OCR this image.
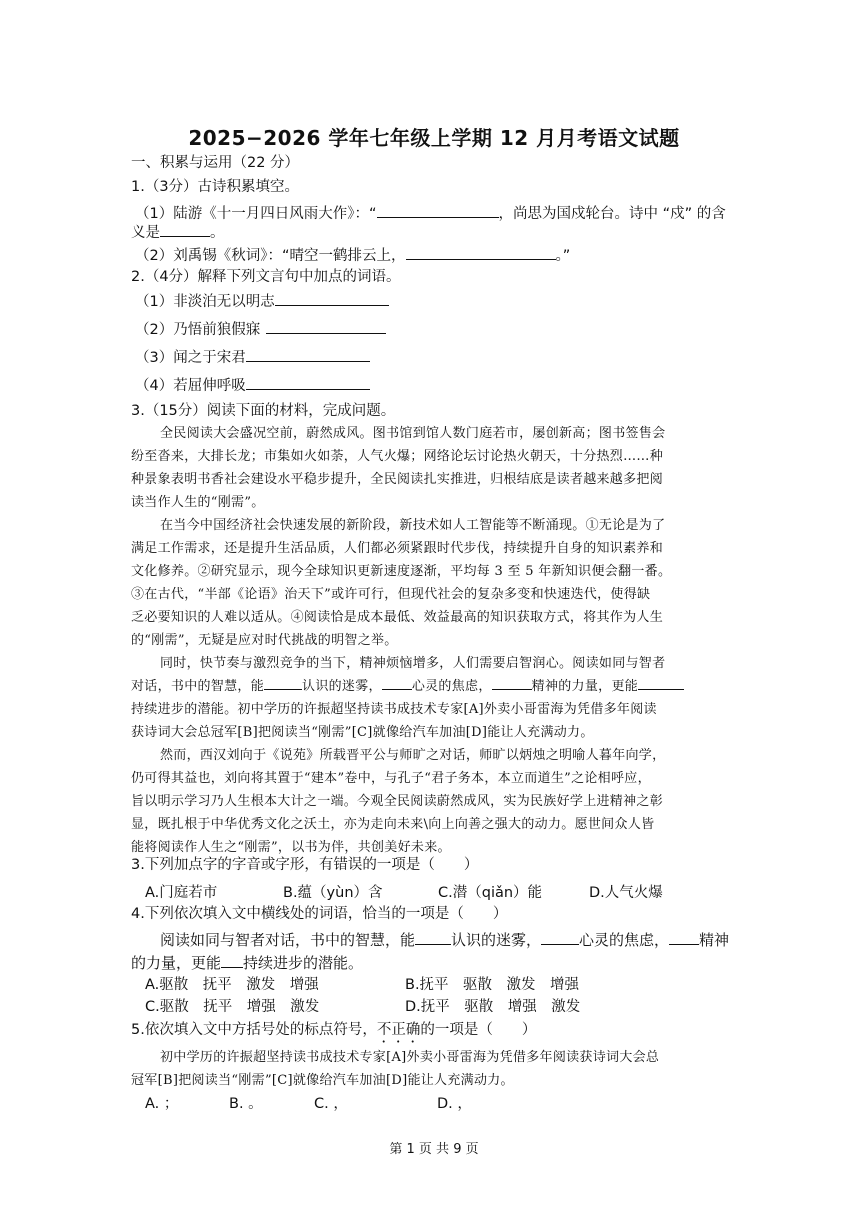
2025−2026 学年七年级上学期 12 月月考语文试题
一、积累与运用（22 分）
1.（3分）古诗积累填空。
（1）陆游《十一月四日风雨大作》：“	，尚思为国戍轮台。诗中 “戍” 的含
义是	。
（2）刘禹锡《秋词》：“晴空一鹤排云上，	。”
2.（4分）解释下列文言句中加点的词语。
（1）非淡泊无以明志
（2）乃悟前狼假寐
（3）闻之于宋君
（4）若屈伸呼吸
3.（15分）阅读下面的材料，完成问题。
全民阅读大会盛况空前，蔚然成风。图书馆到馆人数门庭若市，屡创新高；图书签售会
纷至沓来，大排长龙；市集如火如荼，人气火爆；网络论坛讨论热火朝天，十分热烈……种
种景象表明书香社会建设水平稳步提升，全民阅读扎实推进，归根结底是读者越来越多把阅
读当作人生的“刚需”。
在当今中国经济社会快速发展的新阶段，新技术如人工智能等不断涌现。①无论是为了
满足工作需求，还是提升生活品质，人们都必须紧跟时代步伐，持续提升自身的知识素养和
文化修养。②研究显示，现今全球知识更新速度逐渐，平均每 3 至 5 年新知识便会翻一番。
③在古代，“半部《论语》治天下”或许可行，但现代社会的复杂多变和快速迭代，使得缺
乏必要知识的人难以适从。④阅读恰是成本最低、效益最高的知识获取方式，将其作为人生
的“刚需”，无疑是应对时代挑战的明智之举。
同时，快节奏与激烈竞争的当下，精神烦恼增多，人们需要启智润心。阅读如同与智者
对话，书中的智慧，能	认识的迷雾， 心灵的焦虑，	精神的力量，更能
持续进步的潜能。初中学历的许振超坚持读书成技术专家[A]外卖小哥雷海为凭借多年阅读
获诗词大会总冠军[B]把阅读当“刚需”[C]就像给汽车加油[D]能让人充满动力。
然而，西汉刘向于《说苑》所载晋平公与师旷之对话，师旷以炳烛之明喻人暮年向学，
仍可得其益也，刘向将其置于“建本”卷中，与孔子“君子务本，本立而道生”之论相呼应，
旨以明示学习乃人生根本大计之一端。今观全民阅读蔚然成风，实为民族好学上进精神之彰
显，既扎根于中华优秀文化之沃土，亦为走向未来\向上向善之强大的动力。愿世间众人皆
能将阅读作人生之“刚需”，以书为伴，共创美好未来。
3.下列加点字的字音或字形，有错误的一项是（　　）
A.门庭若市	B.蕴（yùn）含	C.潜（qiǎn）能	D.人气火爆
4.下列依次填入文中横线处的词语，恰当的一项是（　　）
阅读如同与智者对话，书中的智慧，能 认识的迷雾，	心灵的焦虑， 精神
的力量，更能 持续进步的潜能。
A.驱散　抚平　激发　增强	B.抚平　驱散　激发　增强
C.驱散　抚平　增强　激发	D.抚平　驱散　增强　激发
5.依次填入文中方括号处的标点符号，不正确的一项是（　　）
初中学历的许振超坚持读书成技术专家[A]外卖小哥雷海为凭借多年阅读获诗词大会总
冠军[B]把阅读当“刚需”[C]就像给汽车加油[D]能让人充满动力。
A. ；	B. 。	C. ，	D. ，
第 1 页 共 9 页
